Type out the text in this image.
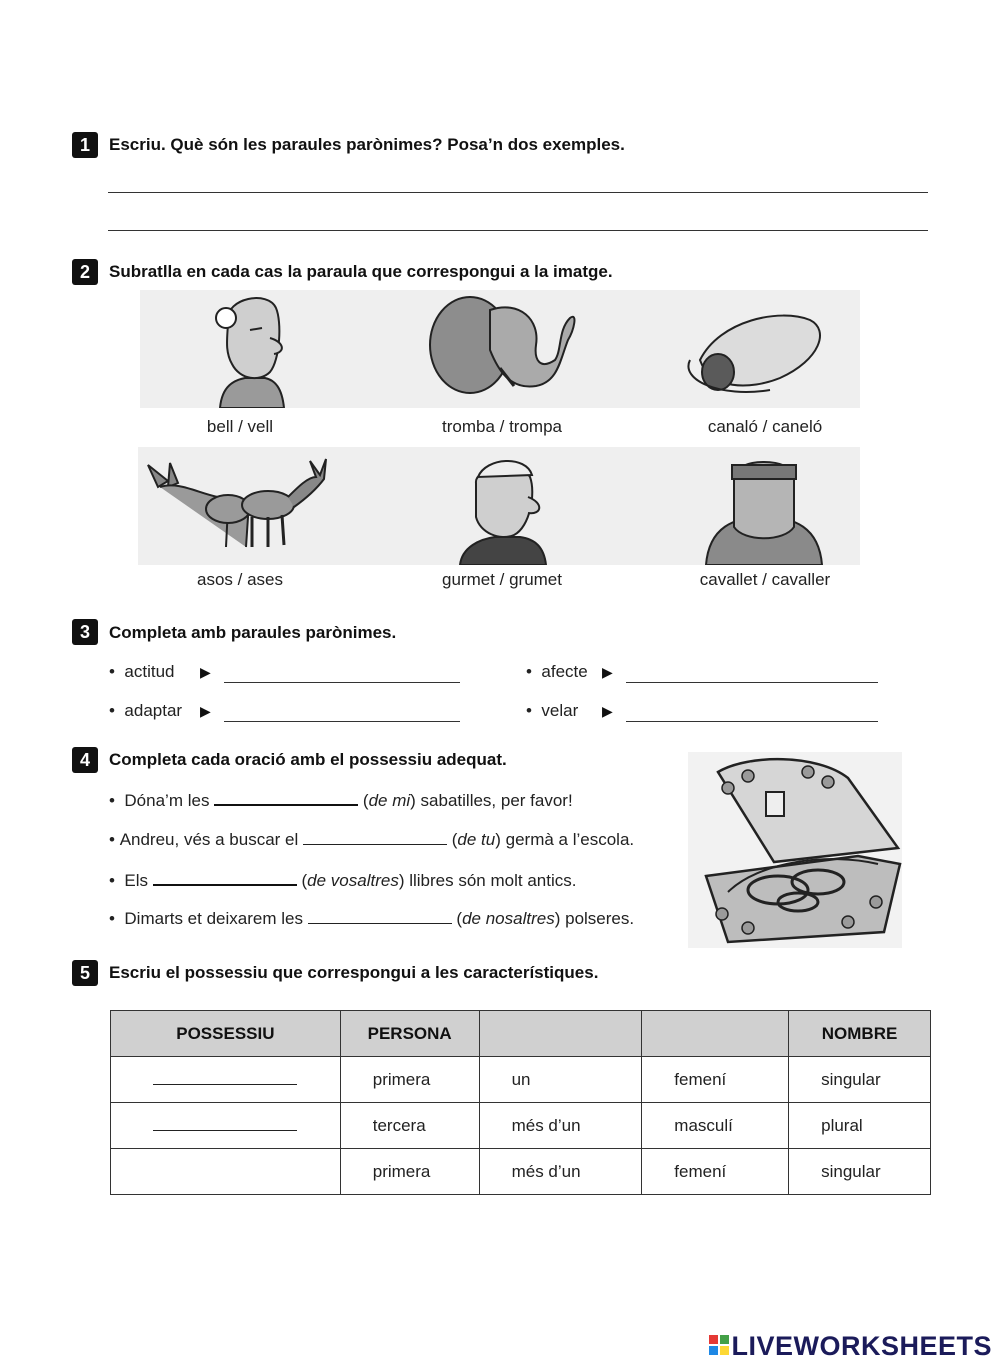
1	Escriu. Què són les paraules parònimes? Posa’n dos exemples.
2	Subratlla en cada cas la paraula que correspongui a la imatge.
bell / vell	tromba / trompa	canaló / caneló
asos / ases	gurmet / grumet	cavallet / cavaller
3	Completa amb paraules parònimes.
•  actitud ▶	•  afecte ▶
•  adaptar ▶	•  velar ▶
4	Completa cada oració amb el possessiu adequat.
•  Dóna’m les	(de mi) sabatilles, per favor!
• Andreu, vés a buscar el	(de tu) germà a l’escola.
•  Els	(de vosaltres) llibres són molt antics.
•  Dimarts et deixarem les	(de nosaltres) polseres.
5	Escriu el possessiu que correspongui a les característiques.
POSSESSIU	PERSONA			NOMBRE
	primera	un	femení	singular
	tercera	més d’un	masculí	plural
	primera	més d’un	femení	singular
LIVEWORKSHEETS
